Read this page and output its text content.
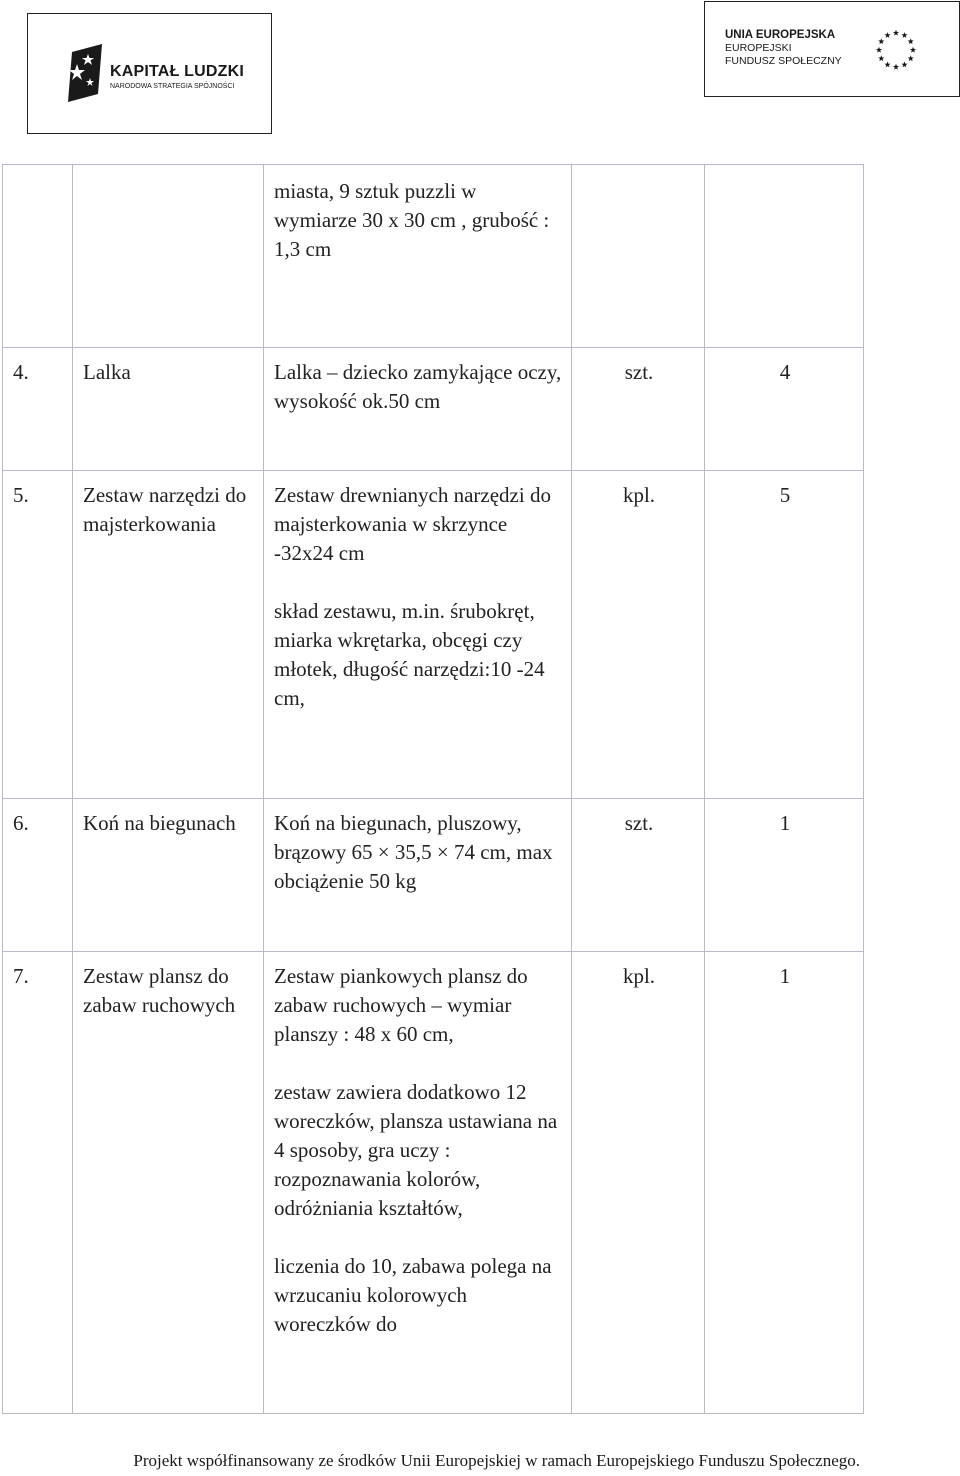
KAPITAŁ LUDZKI
NARODOWA STRATEGIA SPÓJNOŚCI
UNIA EUROPEJSKA
EUROPEJSKI
FUNDUSZ SPOŁECZNY

		miasta, 9 sztuk puzzli w wymiarze 30 x 30 cm , grubość : 1,3 cm		

4.	Lalka	Lalka – dziecko zamykające oczy, wysokość ok.50 cm	szt.	4
5.	Zestaw narzędzi do majsterkowania	Zestaw drewnianych narzędzi do majsterkowania w skrzynce -32x24 cm

skład zestawu, m.in. śrubokręt, miarka wkrętarka, obcęgi czy młotek, długość narzędzi:10 -24 cm,	kpl.	5
6.	Koń na biegunach	Koń na biegunach, pluszowy, brązowy 65 × 35,5 × 74 cm, max obciążenie 50 kg	szt.	1
7.	Zestaw plansz do zabaw ruchowych	Zestaw piankowych plansz do zabaw ruchowych – wymiar planszy : 48 x 60 cm,

zestaw zawiera dodatkowo 12 woreczków, plansza ustawiana na 4 sposoby, gra uczy : rozpoznawania kolorów, odróżniania kształtów,

liczenia do 10, zabawa polega na wrzucaniu kolorowych woreczków do	kpl.	1
Projekt współfinansowany ze środków Unii Europejskiej w ramach Europejskiego Funduszu Społecznego.
